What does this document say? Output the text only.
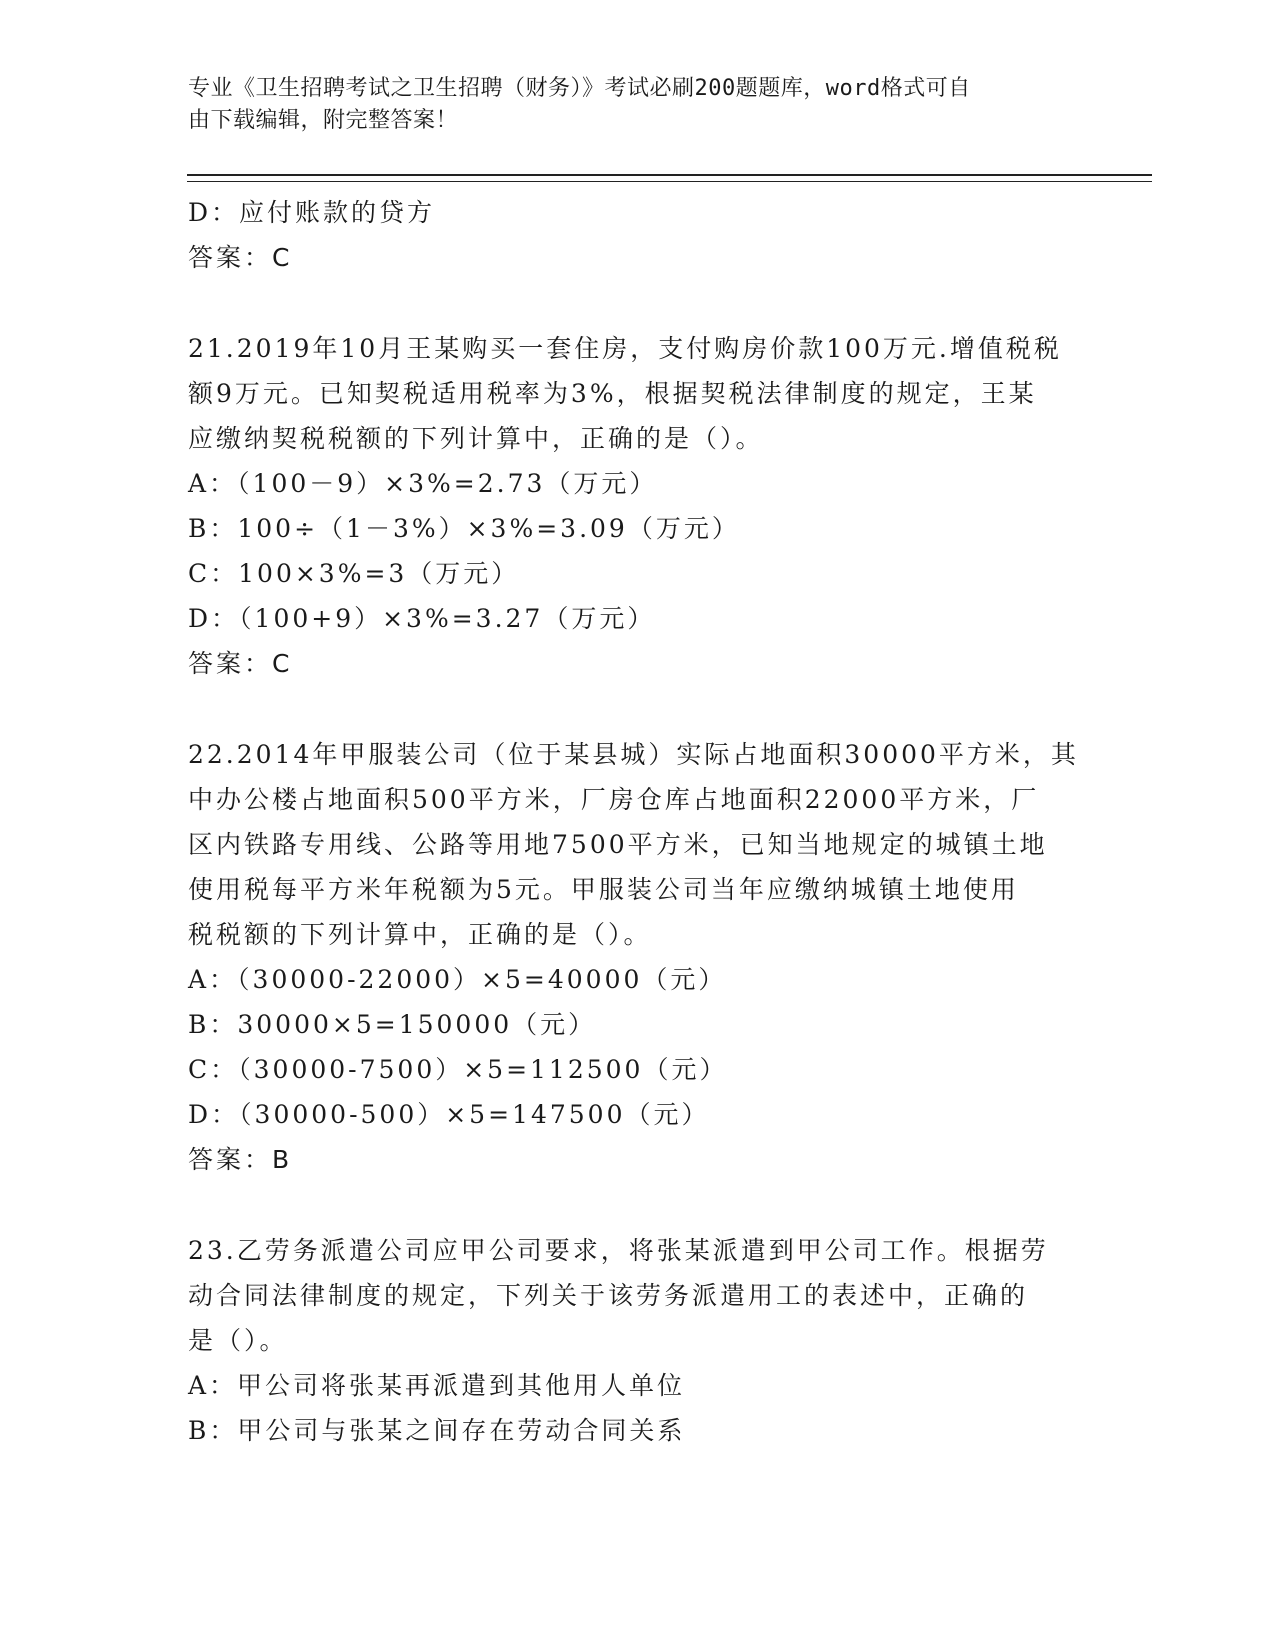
专业《卫生招聘考试之卫生招聘（财务）》考试必刷200题题库，word格式可自
由下载编辑，附完整答案！
D：应付账款的贷方
答案：C
21.2019年10月王某购买一套住房，支付购房价款100万元.增值税税
额9万元。已知契税适用税率为3%，根据契税法律制度的规定，王某
应缴纳契税税额的下列计算中，正确的是（）。
A：（100－9）×3%=2.73（万元）
B：100÷（1－3%）×3%=3.09（万元）
C：100×3%=3（万元）
D：（100+9）×3%=3.27（万元）
答案：C
22.2014年甲服装公司（位于某县城）实际占地面积30000平方米，其
中办公楼占地面积500平方米，厂房仓库占地面积22000平方米，厂
区内铁路专用线、公路等用地7500平方米，已知当地规定的城镇土地
使用税每平方米年税额为5元。甲服装公司当年应缴纳城镇土地使用
税税额的下列计算中，正确的是（）。
A：（30000-22000）×5=40000（元）
B：30000×5=150000（元）
C：（30000-7500）×5=112500（元）
D：（30000-500）×5=147500（元）
答案：B
23.乙劳务派遣公司应甲公司要求，将张某派遣到甲公司工作。根据劳
动合同法律制度的规定，下列关于该劳务派遣用工的表述中，正确的
是（）。
A：甲公司将张某再派遣到其他用人单位
B：甲公司与张某之间存在劳动合同关系
